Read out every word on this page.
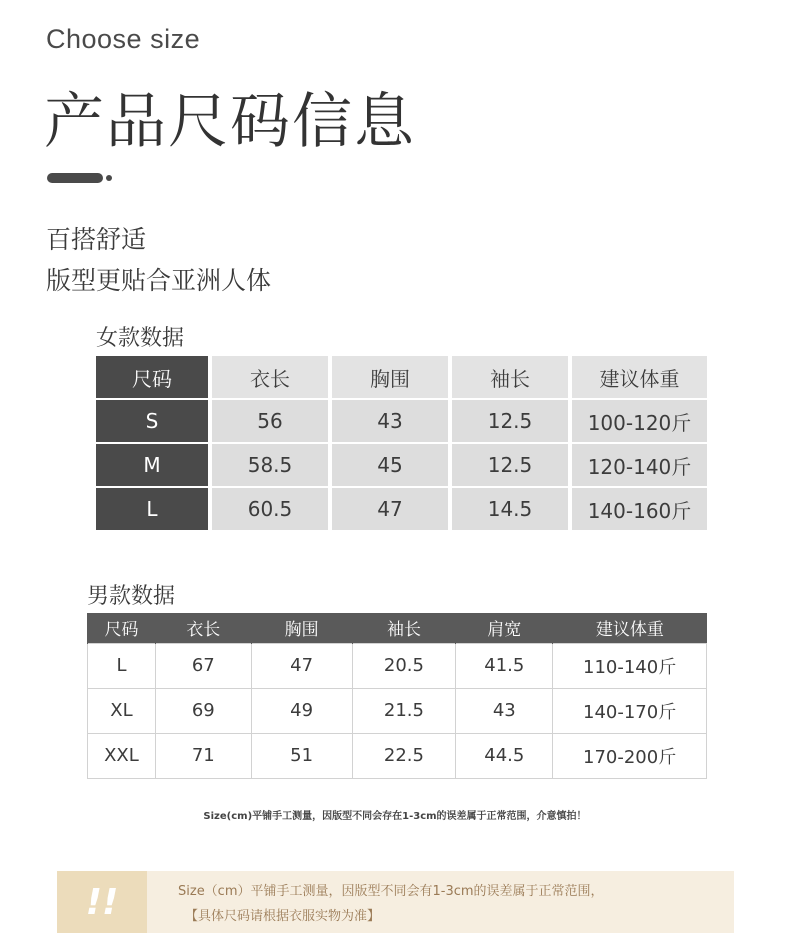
Choose size
产品尺码信息
百搭舒适
版型更贴合亚洲人体
女款数据
尺码	衣长	胸围	袖长	建议体重
S	56	43	12.5	100-120斤
M	58.5	45	12.5	120-140斤
L	60.5	47	14.5	140-160斤
男款数据
尺码	衣长	胸围	袖长	肩宽	建议体重
L	67	47	20.5	41.5	110-140斤
XL	69	49	21.5	43	140-170斤
XXL	71	51	22.5	44.5	170-200斤
Size(cm)平铺手工测量，因版型不同会存在1-3cm的误差属于正常范围，介意慎拍！
!!	Size（cm）平铺手工测量，因版型不同会有1-3cm的误差属于正常范围，
【具体尺码请根据衣服实物为准】
